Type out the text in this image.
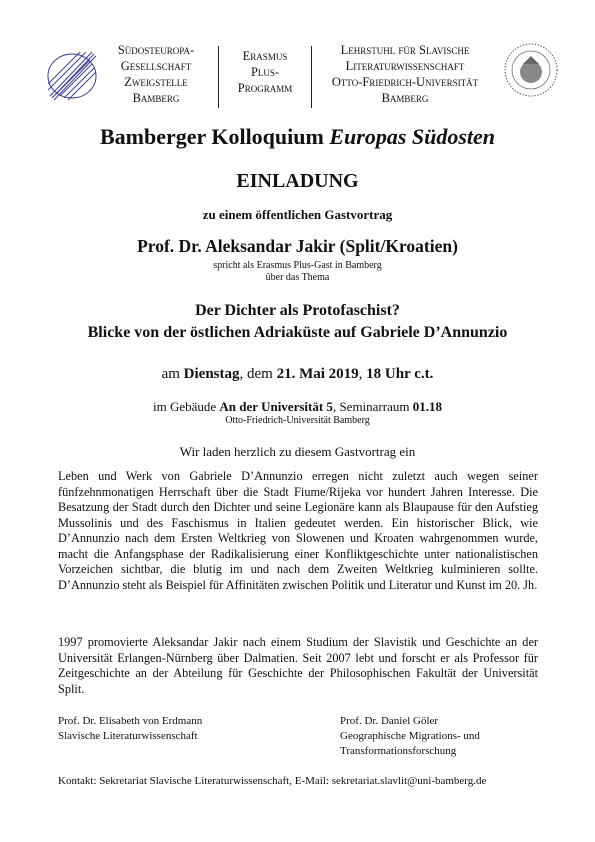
Südosteuropa-
Gesellschaft
Zweigstelle
Bamberg
Erasmus
Plus-
Programm
Lehrstuhl für Slavische
Literaturwissenschaft
Otto-Friedrich-Universität
Bamberg
Bamberger Kolloquium Europas Südosten
EINLADUNG
zu einem öffentlichen Gastvortrag
Prof. Dr. Aleksandar Jakir (Split/Kroatien)
spricht als Erasmus Plus-Gast in Bamberg
über das Thema
Der Dichter als Protofaschist?
Blicke von der östlichen Adriaküste auf Gabriele D’Annunzio
am Dienstag, dem 21. Mai 2019, 18 Uhr c.t.
im Gebäude An der Universität 5, Seminarraum 01.18
Otto-Friedrich-Universität Bamberg
Wir laden herzlich zu diesem Gastvortrag ein
Leben und Werk von Gabriele D’Annunzio erregen nicht zuletzt auch wegen seiner fünfzehnmonatigen Herrschaft über die Stadt Fiume/Rijeka vor hundert Jahren Interesse. Die Besatzung der Stadt durch den Dichter und seine Legionäre kann als Blaupause für den Aufstieg Mussolinis und des Faschismus in Italien gedeutet werden. Ein historischer Blick, wie D’Annunzio nach dem Ersten Weltkrieg von Slowenen und Kroaten wahrgenommen wurde, macht die Anfangsphase der Radikalisierung einer Konfliktgeschichte unter nationalistischen Vorzeichen sichtbar, die blutig im und nach dem Zweiten Weltkrieg kulminieren sollte. D’Annunzio steht als Beispiel für Affinitäten zwischen Politik und Literatur und Kunst im 20. Jh.
1997 promovierte Aleksandar Jakir nach einem Studium der Slavistik und Geschichte an der Universität Erlangen-Nürnberg über Dalmatien. Seit 2007 lebt und forscht er als Professor für Zeitgeschichte an der Abteilung für Geschichte der Philosophischen Fakultät der Universität Split.
Prof. Dr. Elisabeth von Erdmann
Slavische Literaturwissenschaft
Prof. Dr. Daniel Göler
Geographische Migrations- und
Transformationsforschung
Kontakt: Sekretariat Slavische Literaturwissenschaft, E-Mail: sekretariat.slavlit@uni-bamberg.de
